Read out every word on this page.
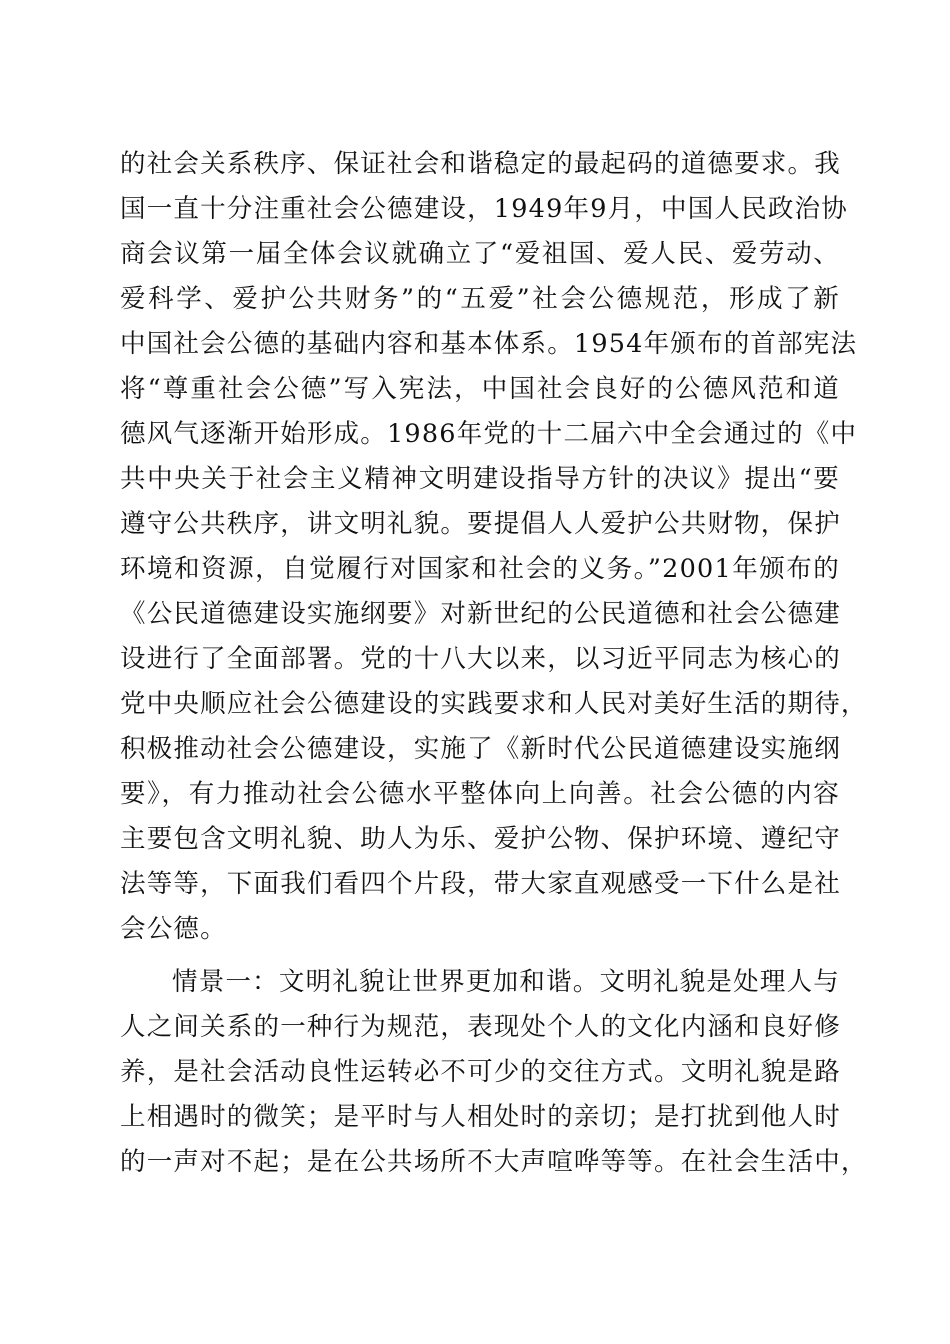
的社会关系秩序、保证社会和谐稳定的最起码的道德要求。我
国一直十分注重社会公德建设，1949年9月，中国人民政治协
商会议第一届全体会议就确立了“爱祖国、爱人民、爱劳动、
爱科学、爱护公共财务”的“五爱”社会公德规范，形成了新
中国社会公德的基础内容和基本体系。1954年颁布的首部宪法
将“尊重社会公德”写入宪法，中国社会良好的公德风范和道
德风气逐渐开始形成。1986年党的十二届六中全会通过的《中
共中央关于社会主义精神文明建设指导方针的决议》提出“要
遵守公共秩序，讲文明礼貌。要提倡人人爱护公共财物，保护
环境和资源，自觉履行对国家和社会的义务。”2001年颁布的
《公民道德建设实施纲要》对新世纪的公民道德和社会公德建
设进行了全面部署。党的十八大以来，以习近平同志为核心的
党中央顺应社会公德建设的实践要求和人民对美好生活的期待，
积极推动社会公德建设，实施了《新时代公民道德建设实施纲
要》，有力推动社会公德水平整体向上向善。社会公德的内容
主要包含文明礼貌、助人为乐、爱护公物、保护环境、遵纪守
法等等，下面我们看四个片段，带大家直观感受一下什么是社
会公德。
情景一：文明礼貌让世界更加和谐。文明礼貌是处理人与
人之间关系的一种行为规范，表现处个人的文化内涵和良好修
养，是社会活动良性运转必不可少的交往方式。文明礼貌是路
上相遇时的微笑；是平时与人相处时的亲切；是打扰到他人时
的一声对不起；是在公共场所不大声喧哗等等。在社会生活中，
